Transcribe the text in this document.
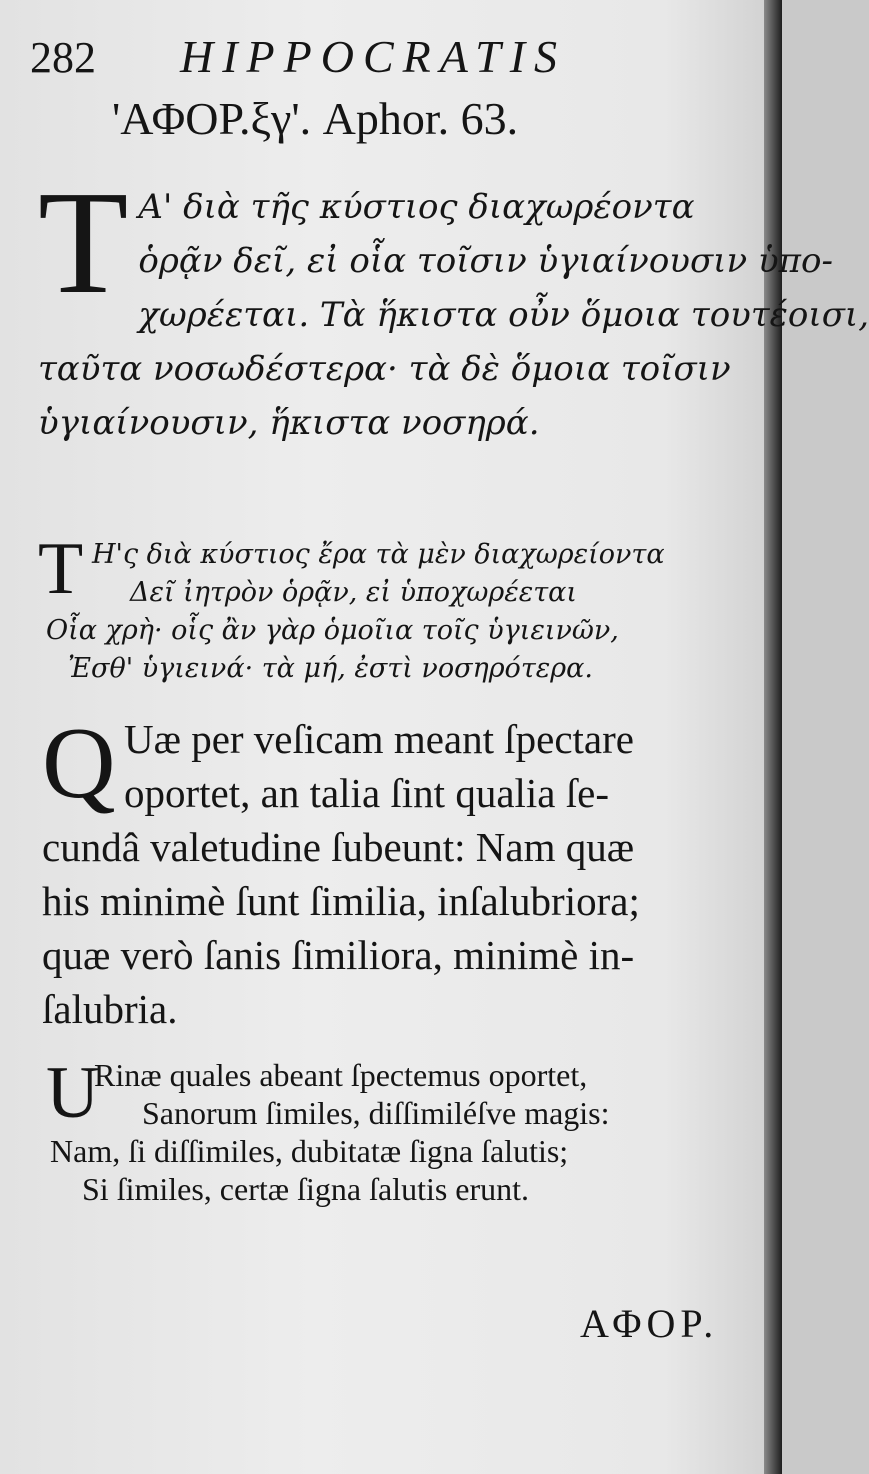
282 HIPPOCRATIS
'ΑΦΟΡ.ξγ'. Aphor. 63.
T Α' διὰ τῆς κύστιος διαχωρέοντα
ὁρᾷν δεῖ, εἰ οἷα τοῖσιν ὑγιαίνουσιν ὑπο-
χωρέεται. Τὰ ἥκιστα οὖν ὅμοια τουτέοισι,
ταῦτα νοσωδέστερα· τὰ δὲ ὅμοια τοῖσιν
ὑγιαίνουσιν, ἥκιστα νοσηρά.
T Η'ς διὰ κύστιος ἔρα τὰ μὲν διαχωρείοντα
Δεῖ ἰητρὸν ὁρᾷν, εἰ ὑποχωρέεται
Οἷα χρὴ· οἷς ἂν γὰρ ὁμοῖια τοῖς ὑγιεινῶν,
Ἐσθ' ὑγιεινά· τὰ μή, ἐστὶ νοσηρότερα.
Q Uæ per veſicam meant ſpectare
oportet, an talia ſint qualia ſe-
cundâ valetudine ſubeunt: Nam quæ
his minimè ſunt ſimilia, inſalubriora;
quæ verò ſanis ſimiliora, minimè in-
ſalubria.
U
Rinæ quales abeant ſpectemus oportet,
Sanorum ſimiles, diſſimiléſve magis:
Nam, ſi diſſimiles, dubitatæ ſigna ſalutis;
Si ſimiles, certæ ſigna ſalutis erunt.
ΑΦΟΡ.
